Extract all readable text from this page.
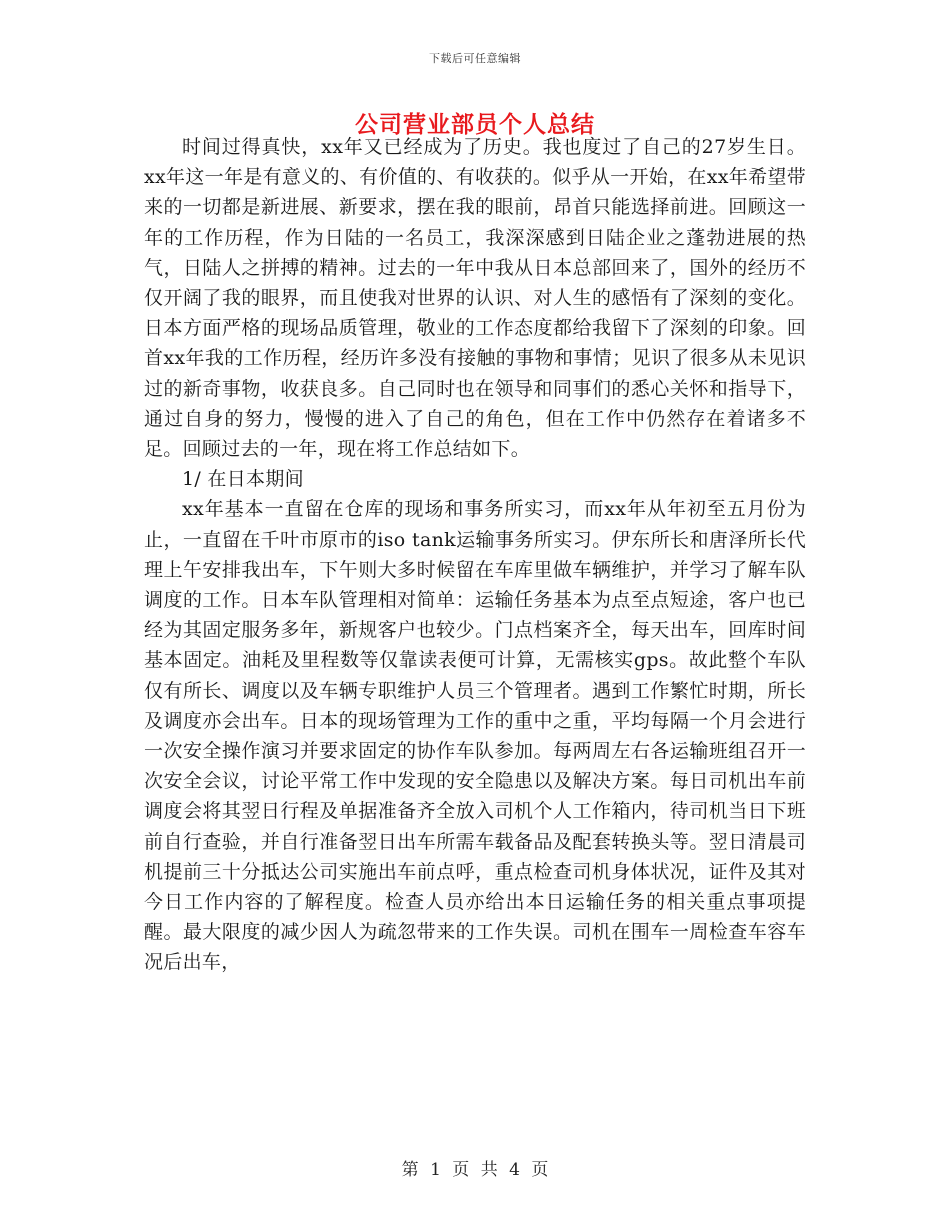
下载后可任意编辑
公司营业部员个人总结

时间过得真快，xx年又已经成为了历史。我也度过了自己的27岁生日。xx年这一年是有意义的、有价值的、有收获的。似乎从一开始，在xx年希望带来的一切都是新进展、新要求，摆在我的眼前，昂首只能选择前进。回顾这一年的工作历程，作为日陆的一名员工，我深深感到日陆企业之蓬勃进展的热气，日陆人之拼搏的精神。过去的一年中我从日本总部回来了，国外的经历不仅开阔了我的眼界，而且使我对世界的认识、对人生的感悟有了深刻的变化。日本方面严格的现场品质管理，敬业的工作态度都给我留下了深刻的印象。回首xx年我的工作历程，经历许多没有接触的事物和事情；见识了很多从未见识过的新奇事物，收获良多。自己同时也在领导和同事们的悉心关怀和指导下，通过自身的努力，慢慢的进入了自己的角色，但在工作中仍然存在着诸多不足。回顾过去的一年，现在将工作总结如下。

1/ 在日本期间

xx年基本一直留在仓库的现场和事务所实习，而xx年从年初至五月份为止，一直留在千叶市原市的iso tank运输事务所实习。伊东所长和唐泽所长代理上午安排我出车，下午则大多时候留在车库里做车辆维护，并学习了解车队调度的工作。日本车队管理相对简单：运输任务基本为点至点短途，客户也已经为其固定服务多年，新规客户也较少。门点档案齐全，每天出车，回库时间基本固定。油耗及里程数等仅靠读表便可计算，无需核实gps。故此整个车队仅有所长、调度以及车辆专职维护人员三个管理者。遇到工作繁忙时期，所长及调度亦会出车。日本的现场管理为工作的重中之重，平均每隔一个月会进行一次安全操作演习并要求固定的协作车队参加。每两周左右各运输班组召开一次安全会议，讨论平常工作中发现的安全隐患以及解决方案。每日司机出车前调度会将其翌日行程及单据准备齐全放入司机个人工作箱内，待司机当日下班前自行查验，并自行准备翌日出车所需车载备品及配套转换头等。翌日清晨司机提前三十分抵达公司实施出车前点呼，重点检查司机身体状况，证件及其对今日工作内容的了解程度。检查人员亦给出本日运输任务的相关重点事项提醒。最大限度的减少因人为疏忽带来的工作失误。司机在围车一周检查车容车况后出车，

第 1 页 共 4 页
